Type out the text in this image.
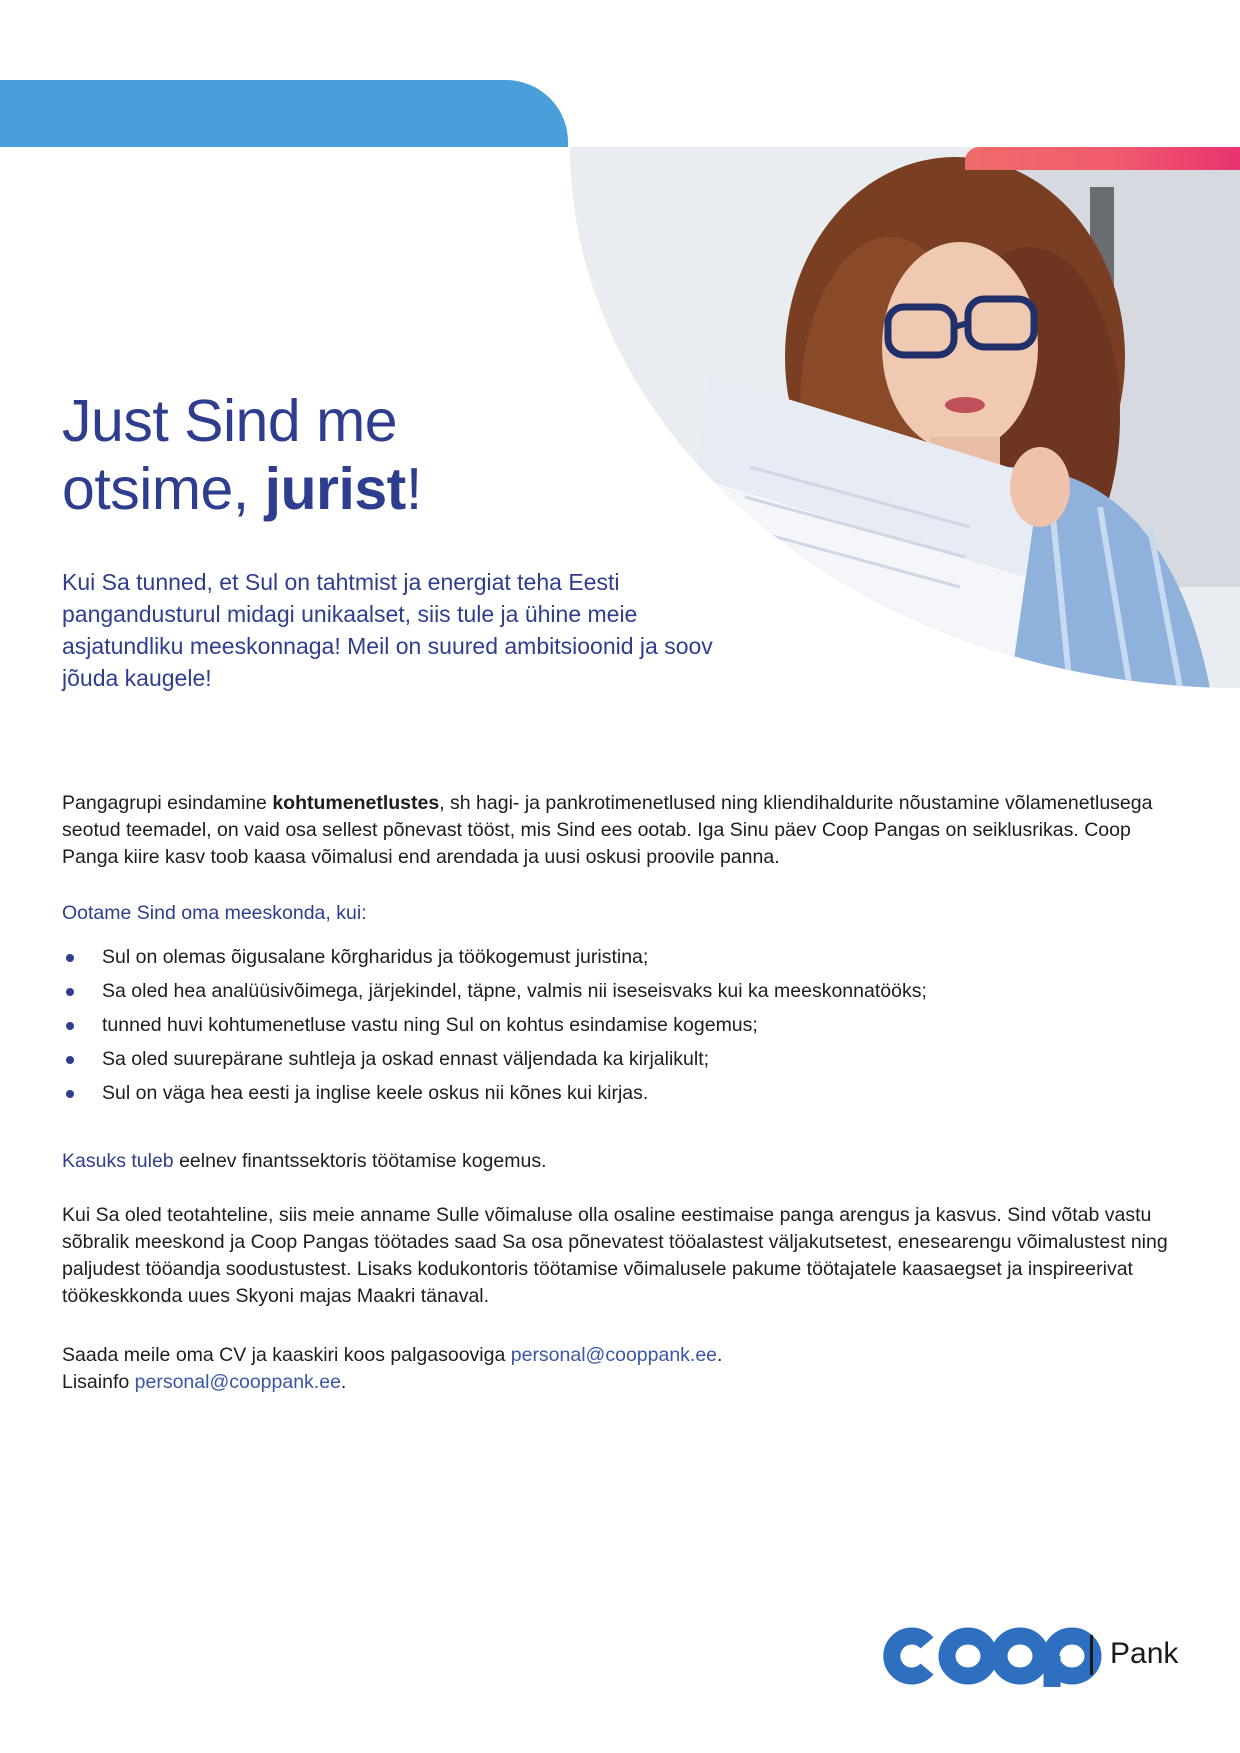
Just Sind me
otsime, jurist!

Kui Sa tunned, et Sul on tahtmist ja energiat teha Eesti pangandusturul midagi unikaalset, siis tule ja ühine meie asjatundliku meeskonnaga! Meil on suured ambitsioonid ja soov jõuda kaugele!

Pangagrupi esindamine kohtumenetlustes, sh hagi- ja pankrotimenetlused ning kliendihaldurite nõustamine võlamenetlusega seotud teemadel, on vaid osa sellest põnevast tööst, mis Sind ees ootab. Iga Sinu päev Coop Pangas on seiklusrikas. Coop Panga kiire kasv toob kaasa võimalusi end arendada ja uusi oskusi proovile panna.

Ootame Sind oma meeskonda, kui:

Sul on olemas õigusalane kõrgharidus ja töökogemust juristina;
Sa oled hea analüüsivõimega, järjekindel, täpne, valmis nii iseseisvaks kui ka meeskonnatööks;
tunned huvi kohtumenetluse vastu ning Sul on kohtus esindamise kogemus;
Sa oled suurepärane suhtleja ja oskad ennast väljendada ka kirjalikult;
Sul on väga hea eesti ja inglise keele oskus nii kõnes kui kirjas.

Kasuks tuleb eelnev finantssektoris töötamise kogemus.

Kui Sa oled teotahteline, siis meie anname Sulle võimaluse olla osaline eestimaise panga arengus ja kasvus. Sind võtab vastu sõbralik meeskond ja Coop Pangas töötades saad Sa osa põnevatest tööalastest väljakutsetest, enesearengu võimalustest ning paljudest tööandja soodustustest. Lisaks kodukontoris töötamise võimalusele pakume töötajatele kaasaegset ja inspireerivat töökeskkonda uues Skyoni majas Maakri tänaval.

Saada meile oma CV ja kaaskiri koos palgasooviga personal@cooppank.ee.
Lisainfo personal@cooppank.ee.

Pank
